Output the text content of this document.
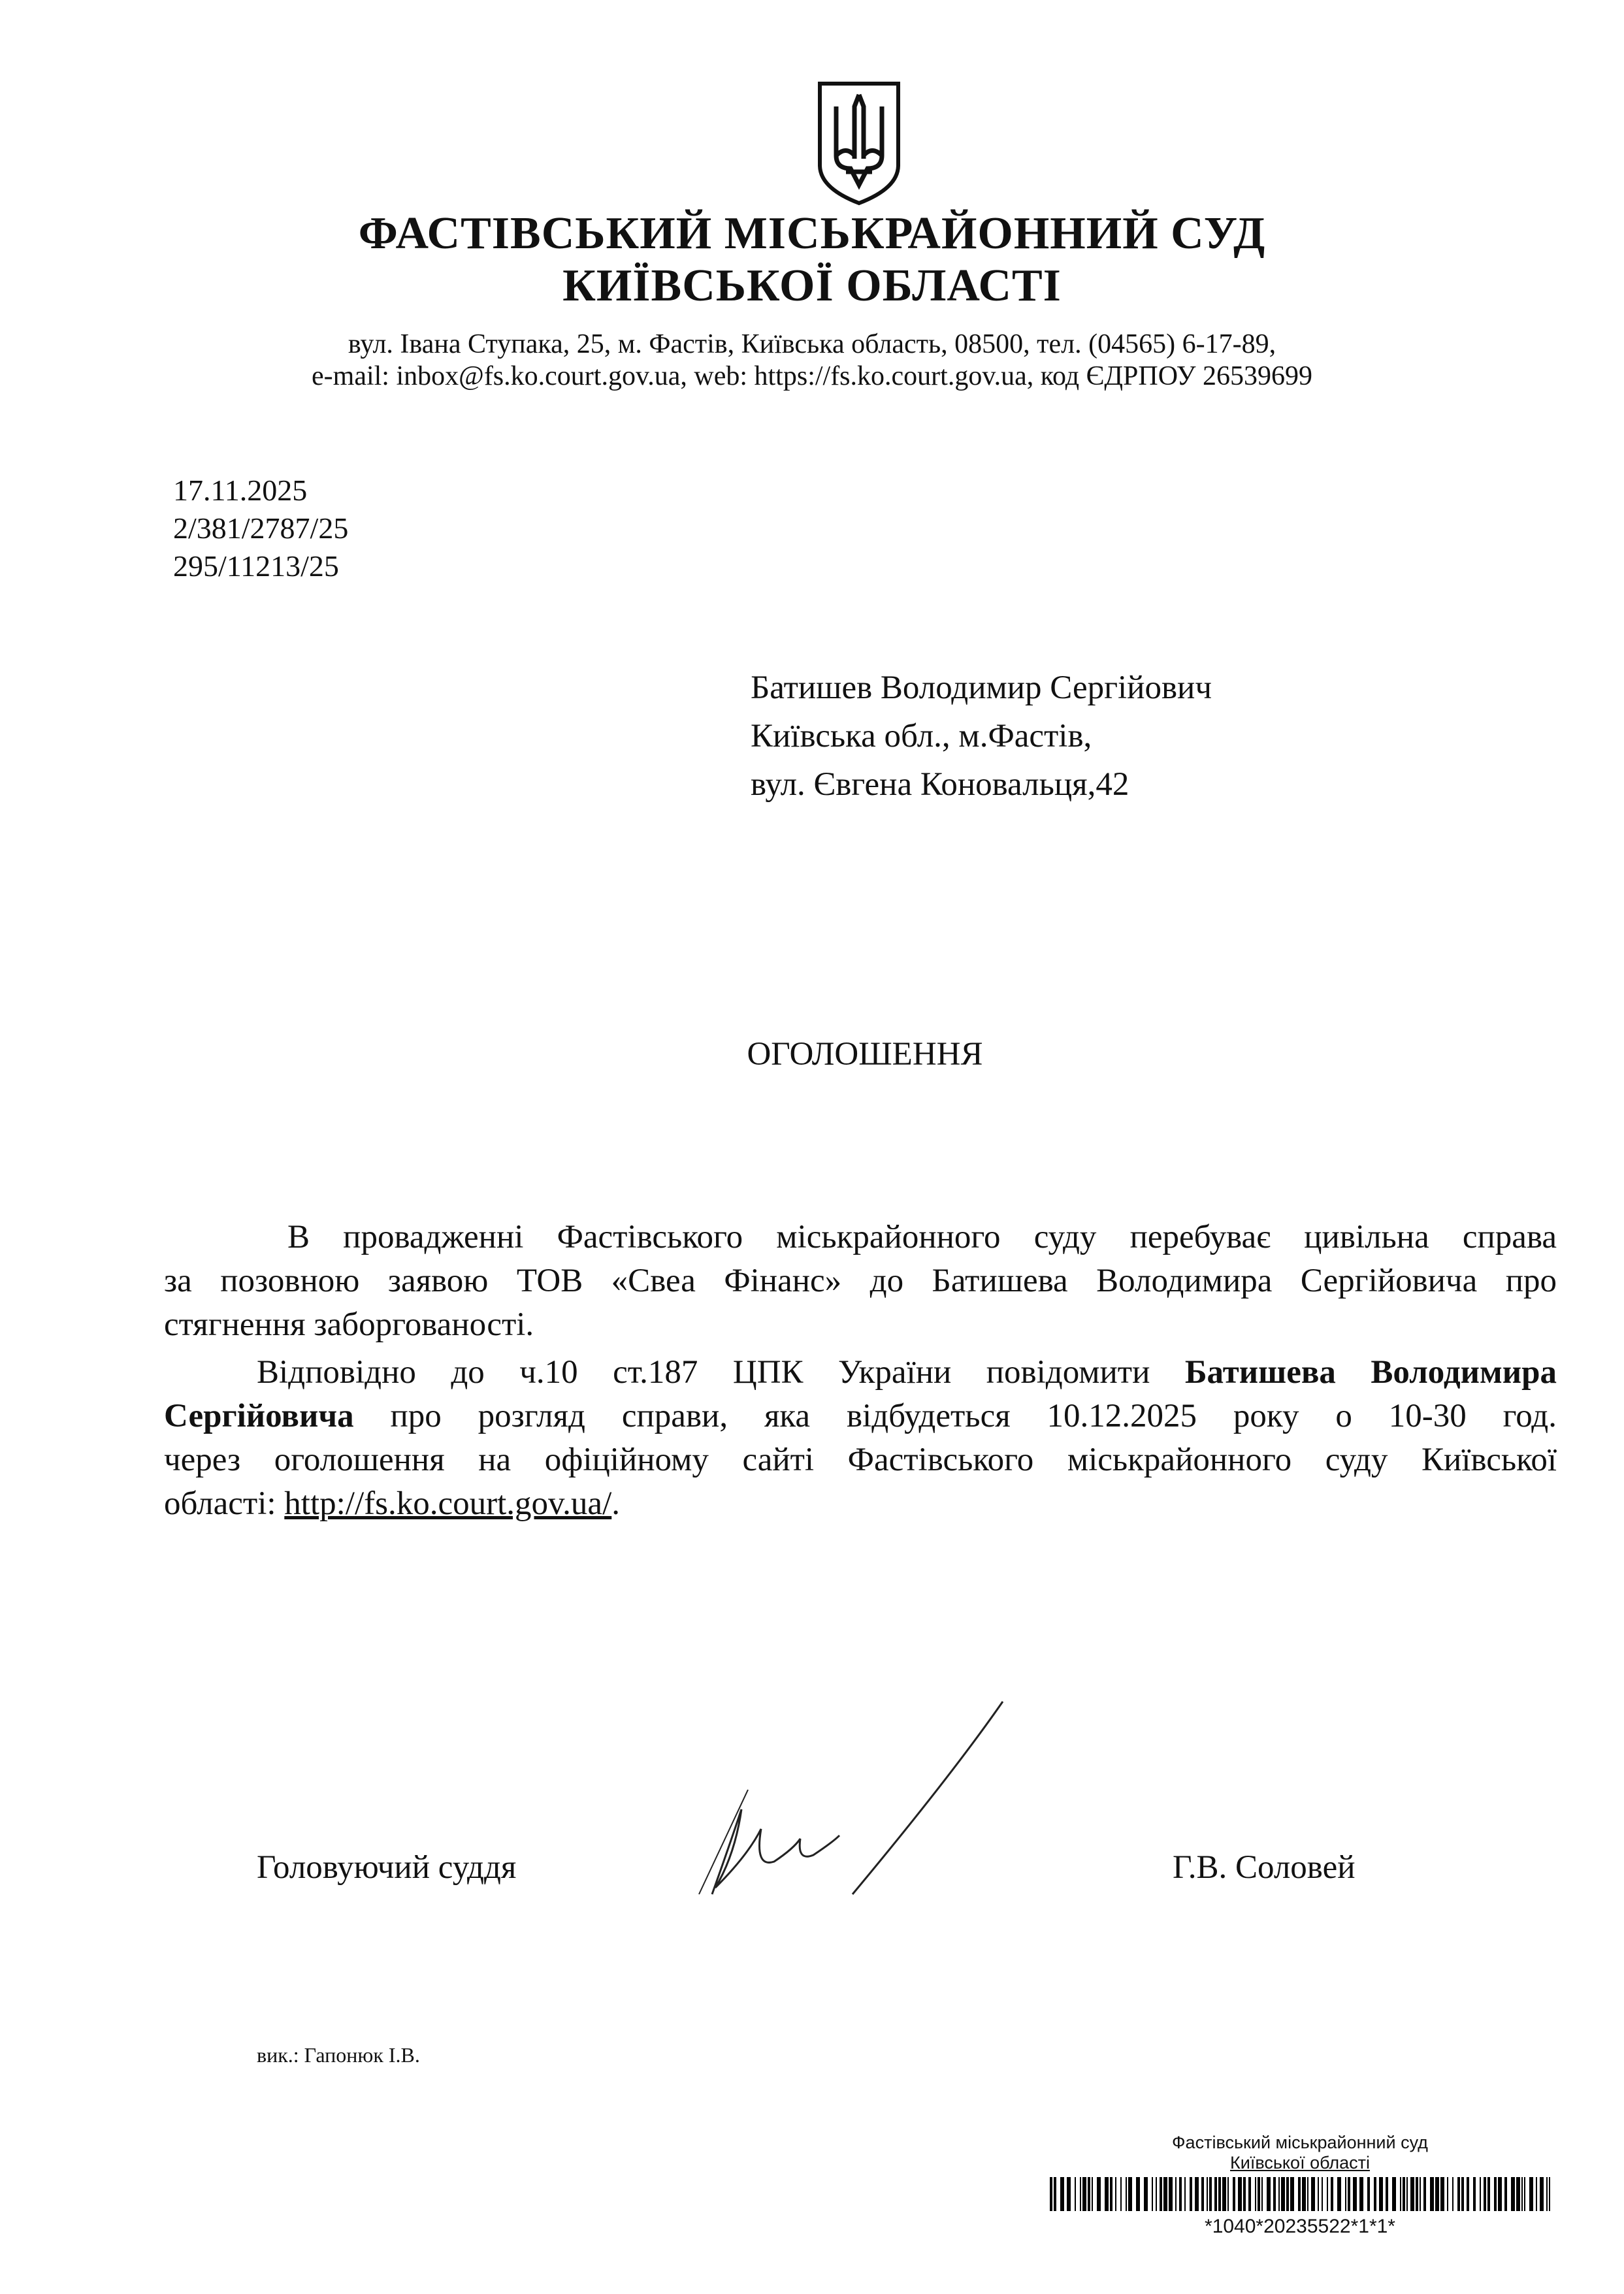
ФАСТІВСЬКИЙ МІСЬКРАЙОННИЙ СУД
КИЇВСЬКОЇ ОБЛАСТІ
вул. Івана Ступака, 25, м. Фастів, Київська область, 08500, тел. (04565) 6-17-89,
e-mail: inbox@fs.ko.court.gov.ua, web: https://fs.ko.court.gov.ua, код ЄДРПОУ 26539699
17.11.2025
2/381/2787/25
295/11213/25
Батишев Володимир Сергійович
Київська обл., м.Фастів,
вул. Євгена Коновальця,42
ОГОЛОШЕННЯ
В провадженні Фастівського міськрайонного суду перебуває цивільна справа
за позовною заявою ТОВ «Свеа Фінанс» до Батишева Володимира Сергійовича про
стягнення заборгованості.
Відповідно до ч.10 ст.187 ЦПК України повідомити Батишева Володимира
Сергійовича про розгляд справи, яка відбудеться 10.12.2025 року о 10-30 год.
через оголошення на офіційному сайті Фастівського міськрайонного суду Київської
області: http://fs.ko.court.gov.ua/.
Головуючий суддя	Г.В. Соловей
вик.: Гапонюк І.В.
Фастівський міськрайонний суд
Київської області
*1040*20235522*1*1*
